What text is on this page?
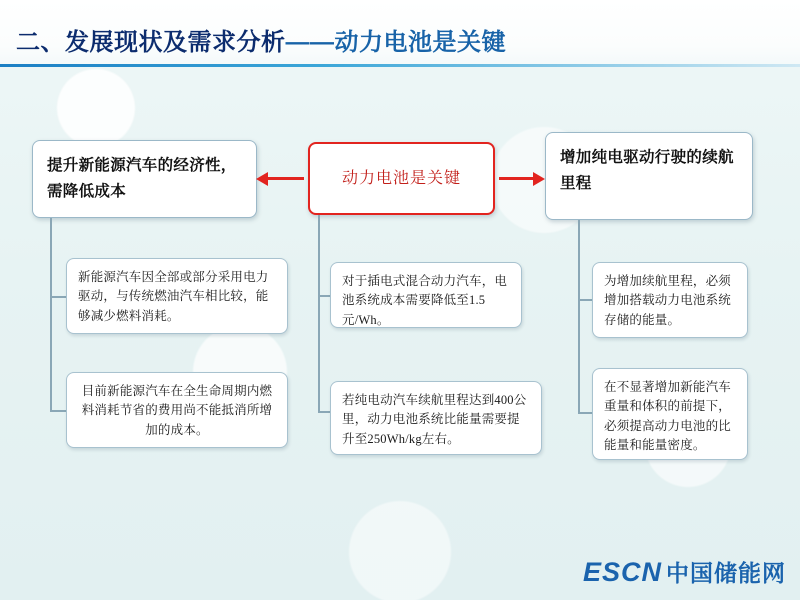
二、发展现状及需求分析——动力电池是关键
提升新能源汽车的经济性，需降低成本
动力电池是关键
增加纯电驱动行驶的续航里程
新能源汽车因全部或部分采用电力驱动，与传统燃油汽车相比较，能够减少燃料消耗。
目前新能源汽车在全生命周期内燃料消耗节省的费用尚不能抵消所增加的成本。
对于插电式混合动力汽车，电池系统成本需要降低至1.5元/Wh。
若纯电动汽车续航里程达到400公里，动力电池系统比能量需要提升至250Wh/kg左右。
为增加续航里程，必须增加搭载动力电池系统存储的能量。
在不显著增加新能汽车重量和体积的前提下，必须提高动力电池的比能量和能量密度。
ESCN 中国储能网
